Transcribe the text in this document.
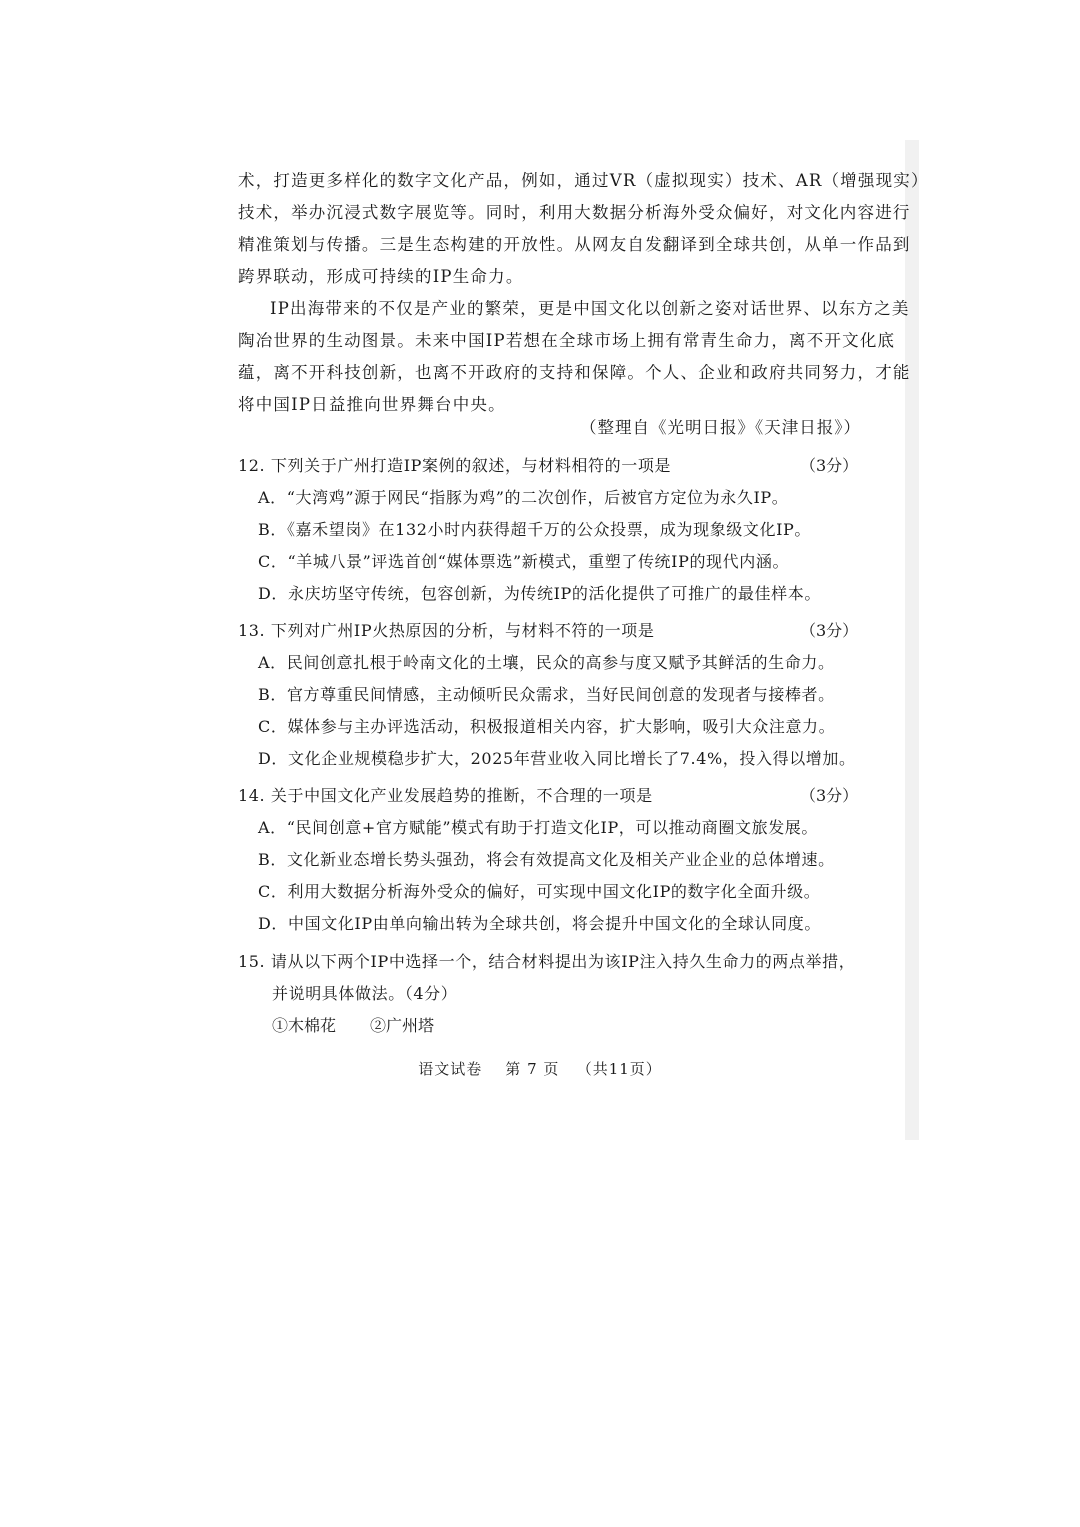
术，打造更多样化的数字文化产品，例如，通过VR（虚拟现实）技术、AR（增强现实）
技术，举办沉浸式数字展览等。同时，利用大数据分析海外受众偏好，对文化内容进行
精准策划与传播。三是生态构建的开放性。从网友自发翻译到全球共创，从单一作品到
跨界联动，形成可持续的IP生命力。
IP出海带来的不仅是产业的繁荣，更是中国文化以创新之姿对话世界、以东方之美
陶冶世界的生动图景。未来中国IP若想在全球市场上拥有常青生命力，离不开文化底
蕴，离不开科技创新，也离不开政府的支持和保障。个人、企业和政府共同努力，才能
将中国IP日益推向世界舞台中央。
（整理自《光明日报》《天津日报》）
12. 下列关于广州打造IP案例的叙述，与材料相符的一项是	（3分）
A．“大湾鸡”源于网民“指豚为鸡”的二次创作，后被官方定位为永久IP。
B．《嘉禾望岗》在132小时内获得超千万的公众投票，成为现象级文化IP。
C．“羊城八景”评选首创“媒体票选”新模式，重塑了传统IP的现代内涵。
D．永庆坊坚守传统，包容创新，为传统IP的活化提供了可推广的最佳样本。
13. 下列对广州IP火热原因的分析，与材料不符的一项是	（3分）
A．民间创意扎根于岭南文化的土壤，民众的高参与度又赋予其鲜活的生命力。
B．官方尊重民间情感，主动倾听民众需求，当好民间创意的发现者与接棒者。
C．媒体参与主办评选活动，积极报道相关内容，扩大影响，吸引大众注意力。
D．文化企业规模稳步扩大，2025年营业收入同比增长了7.4%，投入得以增加。
14. 关于中国文化产业发展趋势的推断，不合理的一项是	（3分）
A．“民间创意+官方赋能”模式有助于打造文化IP，可以推动商圈文旅发展。
B．文化新业态增长势头强劲，将会有效提高文化及相关产业企业的总体增速。
C．利用大数据分析海外受众的偏好，可实现中国文化IP的数字化全面升级。
D．中国文化IP由单向输出转为全球共创，将会提升中国文化的全球认同度。
15. 请从以下两个IP中选择一个，结合材料提出为该IP注入持久生命力的两点举措，
并说明具体做法。（4分）
①木棉花 ②广州塔
语文试卷 第 7 页 （共11页）
